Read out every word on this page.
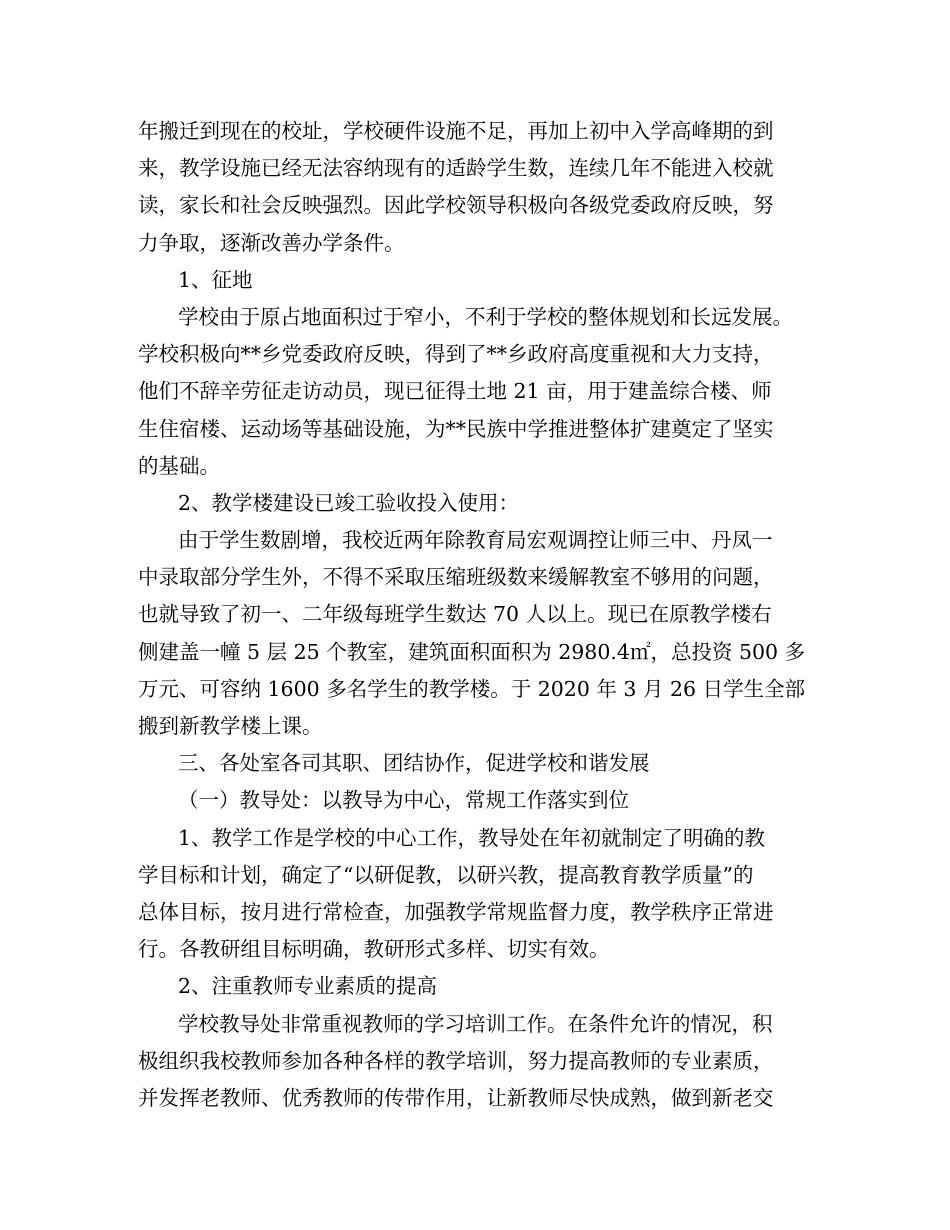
年搬迁到现在的校址，学校硬件设施不足，再加上初中入学高峰期的到
来，教学设施已经无法容纳现有的适龄学生数，连续几年不能进入校就
读，家长和社会反映强烈。因此学校领导积极向各级党委政府反映，努
力争取，逐渐改善办学条件。
1、征地
学校由于原占地面积过于窄小，不利于学校的整体规划和长远发展。
学校积极向**乡党委政府反映，得到了**乡政府高度重视和大力支持，
他们不辞辛劳征走访动员，现已征得土地 21 亩，用于建盖综合楼、师
生住宿楼、运动场等基础设施，为**民族中学推进整体扩建奠定了坚实
的基础。
2、教学楼建设已竣工验收投入使用：
由于学生数剧增，我校近两年除教育局宏观调控让师三中、丹凤一
中录取部分学生外，不得不采取压缩班级数来缓解教室不够用的问题，
也就导致了初一、二年级每班学生数达 70 人以上。现已在原教学楼右
侧建盖一幢 5 层 25 个教室，建筑面积面积为 2980.4㎡，总投资 500 多
万元、可容纳 1600 多名学生的教学楼。于 2020 年 3 月 26 日学生全部
搬到新教学楼上课。
三、各处室各司其职、团结协作，促进学校和谐发展
（一）教导处：以教导为中心，常规工作落实到位
1、教学工作是学校的中心工作，教导处在年初就制定了明确的教
学目标和计划，确定了“以研促教，以研兴教，提高教育教学质量”的
总体目标，按月进行常检查，加强教学常规监督力度，教学秩序正常进
行。各教研组目标明确，教研形式多样、切实有效。
2、注重教师专业素质的提高
学校教导处非常重视教师的学习培训工作。在条件允许的情况，积
极组织我校教师参加各种各样的教学培训，努力提高教师的专业素质，
并发挥老教师、优秀教师的传带作用，让新教师尽快成熟，做到新老交
